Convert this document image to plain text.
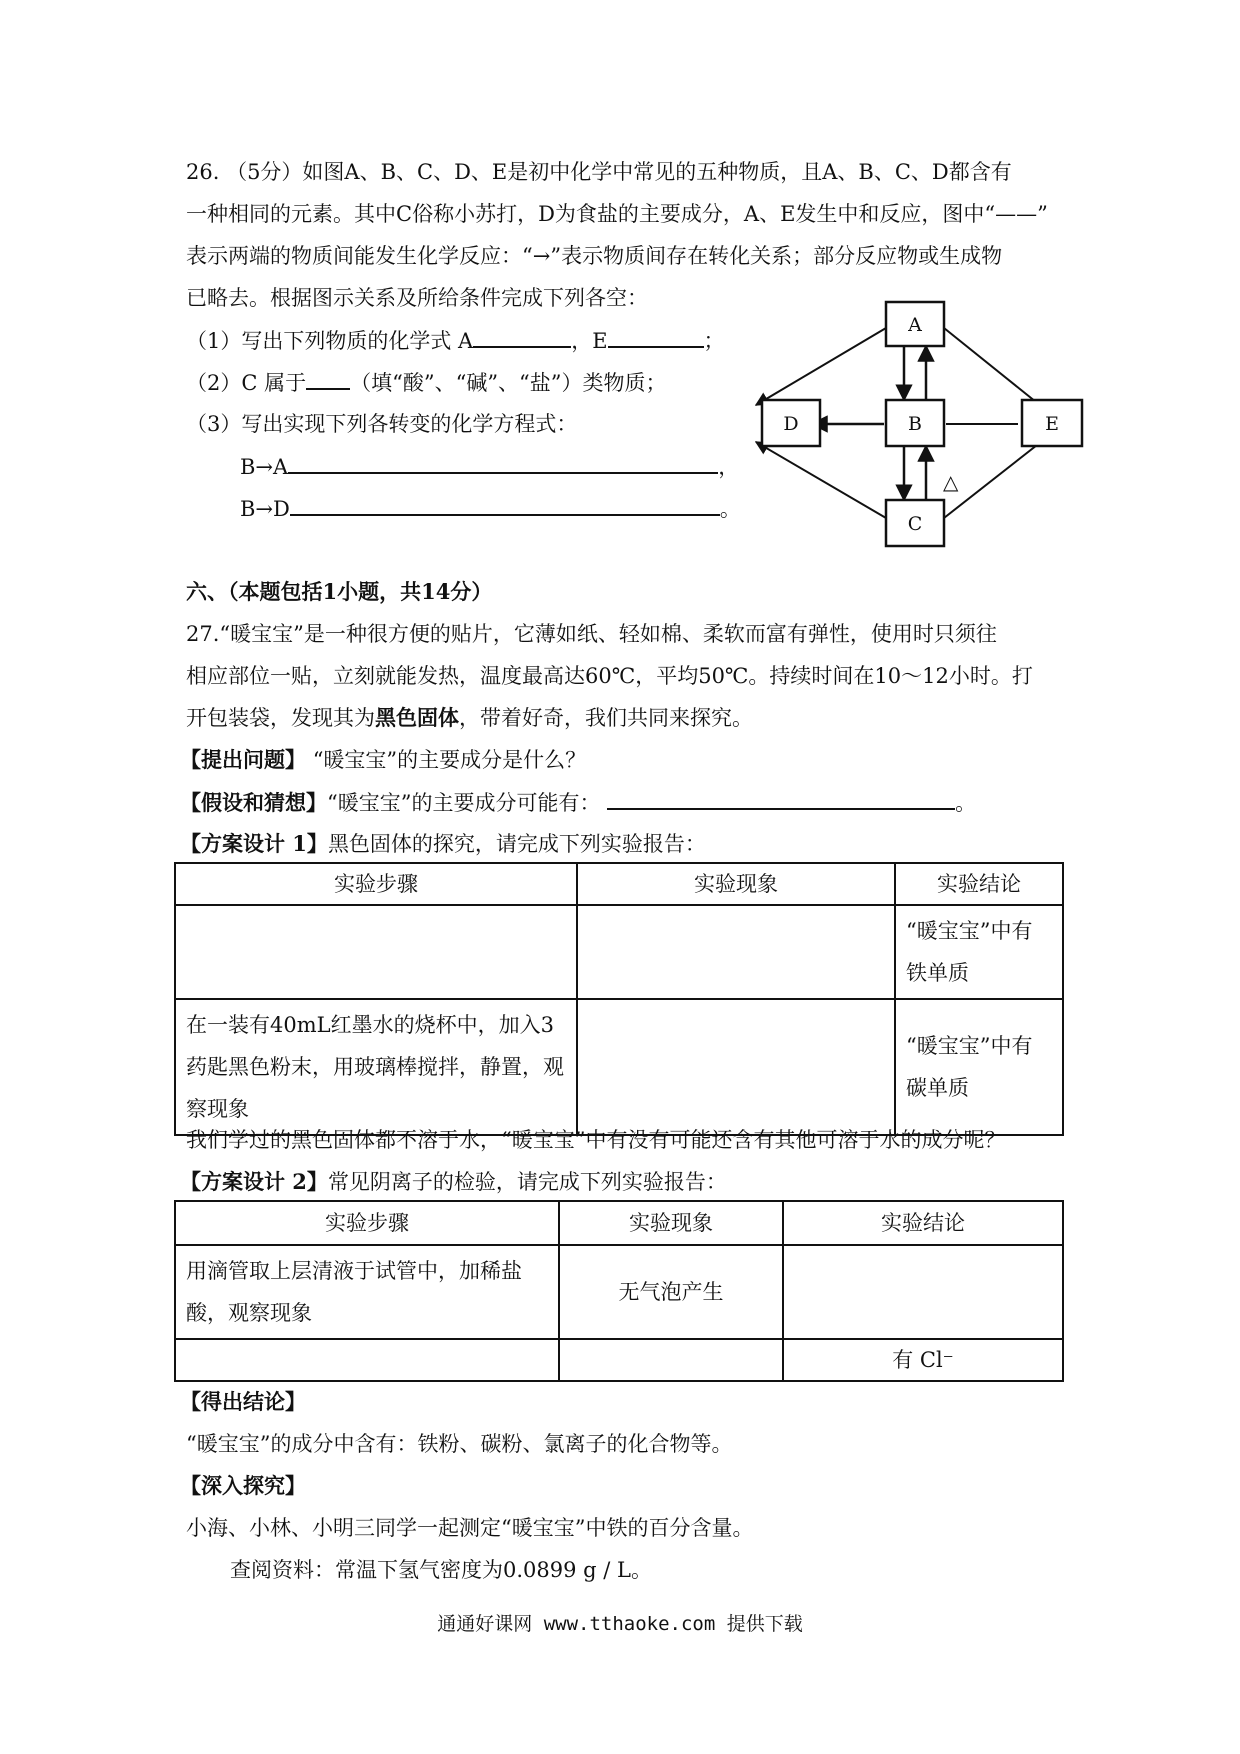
26. （5分）如图A、B、C、D、E是初中化学中常见的五种物质，且A、B、C、D都含有
一种相同的元素。其中C俗称小苏打，D为食盐的主要成分，A、E发生中和反应，图中“——”
表示两端的物质间能发生化学反应：“→”表示物质间存在转化关系；部分反应物或生成物
已略去。根据图示关系及所给条件完成下列各空：
（1）写出下列物质的化学式 A	，E	；
（2）C 属于 （填“酸”、“碱”、“盐”）类物质；
（3）写出实现下列各转变的化学方程式：
B→A	，
B→D	。
△
A
B
C
D	E
六、（本题包括1小题，共14分）
27.“暖宝宝”是一种很方便的贴片，它薄如纸、轻如棉、柔软而富有弹性，使用时只须往
相应部位一贴，立刻就能发热，温度最高达60℃，平均50℃。持续时间在10～12小时。打
开包装袋，发现其为黑色固体，带着好奇，我们共同来探究。
【提出问题】 “暖宝宝”的主要成分是什么？
【假设和猜想】“暖宝宝”的主要成分可能有：	。
【方案设计 1】黑色固体的探究，请完成下列实验报告：
实验步骤	实验现象	实验结论
		“暖宝宝”中有铁单质
在一装有40mL红墨水的烧杯中，加入3药匙黑色粉末，用玻璃棒搅拌，静置，观察现象		“暖宝宝”中有碳单质
我们学过的黑色固体都不溶于水，“暖宝宝”中有没有可能还含有其他可溶于水的成分呢？
【方案设计 2】常见阴离子的检验，请完成下列实验报告：
实验步骤	实验现象	实验结论
用滴管取上层清液于试管中，加稀盐酸，观察现象	无气泡产生	
		有 Cl⁻
【得出结论】
“暖宝宝”的成分中含有：铁粉、碳粉、氯离子的化合物等。
【深入探究】
小海、小林、小明三同学一起测定“暖宝宝”中铁的百分含量。
查阅资料：常温下氢气密度为0.0899 g / L。
通通好课网 www.tthaoke.com 提供下载
